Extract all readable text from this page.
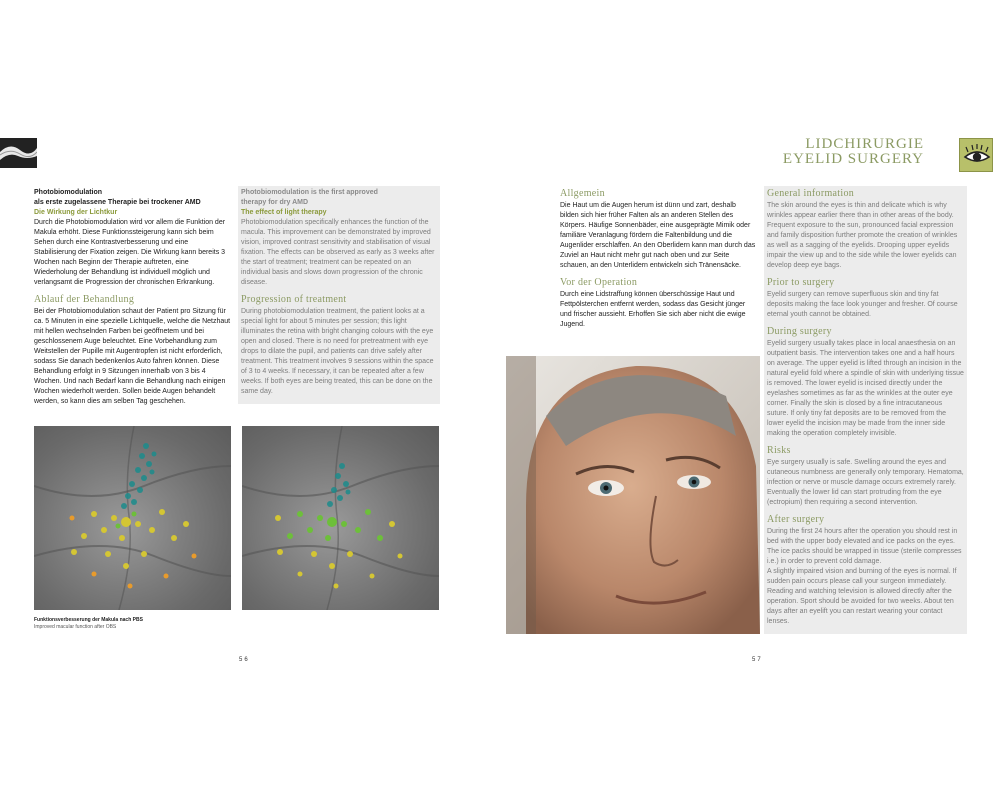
LIDCHIRURGIE
EYELID SURGERY
Photobiomodulation
als erste zugelassene Therapie bei trockener AMD
Die Wirkung der Lichtkur

Durch die Photobiomodulation wird vor allem die Funktion der Makula erhöht. Diese Funktionssteigerung kann sich beim Sehen durch eine Kontrastverbesserung und eine Stabilisierung der Fixation zeigen. Die Wirkung kann bereits 3 Wochen nach Beginn der Therapie auftreten, eine Wiederholung der Behandlung ist individuell möglich und verlangsamt die Progression der chronischen Erkrankung.

Ablauf der Behandlung

Bei der Photobiomodulation schaut der Patient pro Sitzung für ca. 5 Minuten in eine spezielle Lichtquelle, welche die Netzhaut mit hellen wechselnden Farben bei geöffnetem und bei geschlossenem Auge beleuchtet. Eine Vorbehandlung zum Weitstellen der Pupille mit Augentropfen ist nicht erforderlich, sodass Sie danach bedenkenlos Auto fahren können. Diese Behandlung erfolgt in 9 Sitzungen innerhalb von 3 bis 4 Wochen. Und nach Bedarf kann die Behandlung nach einigen Wochen wiederholt werden. Sollen beide Augen behandelt werden, so kann dies am selben Tag geschehen.

Photobiomodulation is the first approved
therapy for dry AMD
The effect of light therapy

Photobiomodulation specifically enhances the function of the macula. This improvement can be demonstrated by improved vision, improved contrast sensitivity and stabilisation of visual fixation. The effects can be observed as early as 3 weeks after the start of treatment; treatment can be repeated on an individual basis and slows down progression of the chronic disease.

Progression of treatment

During photobiomodulation treatment, the patient looks at a special light for about 5 minutes per session; this light illuminates the retina with bright changing colours with the eye open and closed. There is no need for pretreatment with eye drops to dilate the pupil, and patients can drive safely after treatment. This treatment involves 9 sessions within the space of 3 to 4 weeks. If necessary, it can be repeated after a few weeks. If both eyes are being treated, this can be done on the same day.

Funktionsverbesserung der Makula nach PBS
Improved macular function after OBS
56	57
Allgemein

Die Haut um die Augen herum ist dünn und zart, deshalb bilden sich hier früher Falten als an anderen Stellen des Körpers. Häufige Sonnenbäder, eine ausgeprägte Mimik oder familiäre Veranlagung fördern die Faltenbildung und die Augenlider erschlaffen. An den Oberlidern kann man durch das Zuviel an Haut nicht mehr gut nach oben und zur Seite schauen, an den Unterlidern entwickeln sich Tränensäcke.

Vor der Operation

Durch eine Lidstraffung können überschüssige Haut und Fettpölsterchen entfernt werden, sodass das Gesicht jünger und frischer aussieht. Erhoffen Sie sich aber nicht die ewige Jugend.

General information

The skin around the eyes is thin and delicate which is why wrinkles appear earlier there than in other areas of the body. Frequent exposure to the sun, pronounced facial expression and family disposition further promote the creation of wrinkles as well as a sagging of the eyelids. Drooping upper eyelids impair the view up and to the side while the lower eyelids can develop deep eye bags.

Prior to surgery

Eyelid surgery can remove superfluous skin and tiny fat deposits making the face look younger and fresher. Of course eternal youth cannot be obtained.

During surgery

Eyelid surgery usually takes place in local anaesthesia on an outpatient basis. The intervention takes one and a half hours on average. The upper eyelid is lifted through an incision in the natural eyelid fold where a spindle of skin with underlying tissue is removed. The lower eyelid is incised directly under the eyelashes sometimes as far as the wrinkles at the outer eye corner. Finally the skin is closed by a fine intracutaneous suture. If only tiny fat deposits are to be removed from the lower eyelid the incision may be made from the inner side making the operation completely invisible.

Risks

Eye surgery usually is safe. Swelling around the eyes and cutaneous numbness are generally only temporary. Hematoma, infection or nerve or muscle damage occurs extremely rarely. Eventually the lower lid can start protruding from the eye (ectropium) then requiring a second intervention.

After surgery

During the first 24 hours after the operation you should rest in bed with the upper body elevated and ice packs on the eyes. The ice packs should be wrapped in tissue (sterile compresses i.e.) in order to prevent cold damage.

A slightly impaired vision and burning of the eyes is normal. If sudden pain occurs please call your surgeon immediately. Reading and watching television is allowed directly after the operation. Sport should be avoided for two weeks. About ten days after an eyelift you can restart wearing your contact lenses.
